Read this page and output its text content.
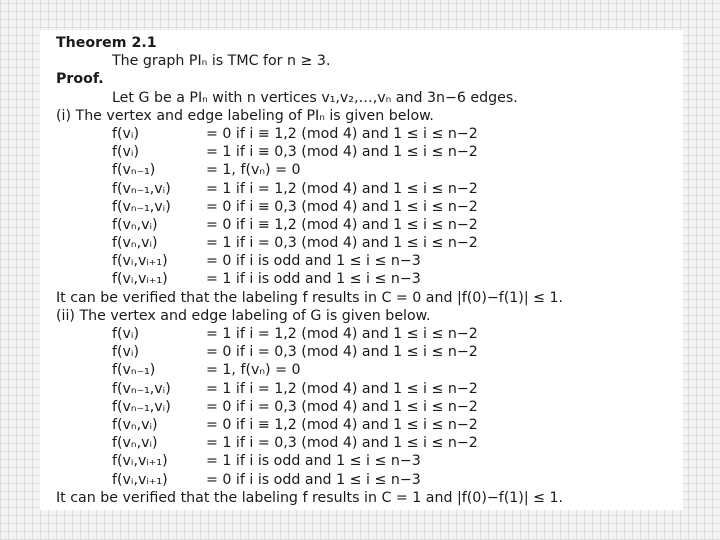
Theorem 2.1
The graph PIₙ is TMC for n ≥ 3.
Proof.
Let G be a PIₙ with n vertices v₁,v₂,…,vₙ and 3n−6 edges.
(i) The vertex and edge labeling of PIₙ is given below.
f(vᵢ)	= 0 if i ≡ 1,2 (mod 4) and 1 ≤ i ≤ n−2
f(vᵢ)	= 1 if i ≡ 0,3 (mod 4) and 1 ≤ i ≤ n−2
f(vₙ₋₁)	= 1, f(vₙ) = 0
f(vₙ₋₁,vᵢ) = 1 if i = 1,2 (mod 4) and 1 ≤ i ≤ n−2
f(vₙ₋₁,vᵢ) = 0 if i ≡ 0,3 (mod 4) and 1 ≤ i ≤ n−2
f(vₙ,vᵢ)	= 0 if i ≡ 1,2 (mod 4) and 1 ≤ i ≤ n−2
f(vₙ,vᵢ)	= 1 if i = 0,3 (mod 4) and 1 ≤ i ≤ n−2
f(vᵢ,vᵢ₊₁)	= 0 if i is odd and 1 ≤ i ≤ n−3
f(vᵢ,vᵢ₊₁)	= 1 if i is odd and 1 ≤ i ≤ n−3
It can be verified that the labeling f results in C = 0 and |f(0)−f(1)| ≤ 1.
(ii) The vertex and edge labeling of G is given below.
f(vᵢ)	= 1 if i = 1,2 (mod 4) and 1 ≤ i ≤ n−2
f(vᵢ)	= 0 if i = 0,3 (mod 4) and 1 ≤ i ≤ n−2
f(vₙ₋₁)	= 1, f(vₙ) = 0
f(vₙ₋₁,vᵢ) = 1 if i = 1,2 (mod 4) and 1 ≤ i ≤ n−2
f(vₙ₋₁,vᵢ) = 0 if i = 0,3 (mod 4) and 1 ≤ i ≤ n−2
f(vₙ,vᵢ)	= 0 if i ≡ 1,2 (mod 4) and 1 ≤ i ≤ n−2
f(vₙ,vᵢ)	= 1 if i = 0,3 (mod 4) and 1 ≤ i ≤ n−2
f(vᵢ,vᵢ₊₁)	= 1 if i is odd and 1 ≤ i ≤ n−3
f(vᵢ,vᵢ₊₁)	= 0 if i is odd and 1 ≤ i ≤ n−3
It can be verified that the labeling f results in C = 1 and |f(0)−f(1)| ≤ 1.
